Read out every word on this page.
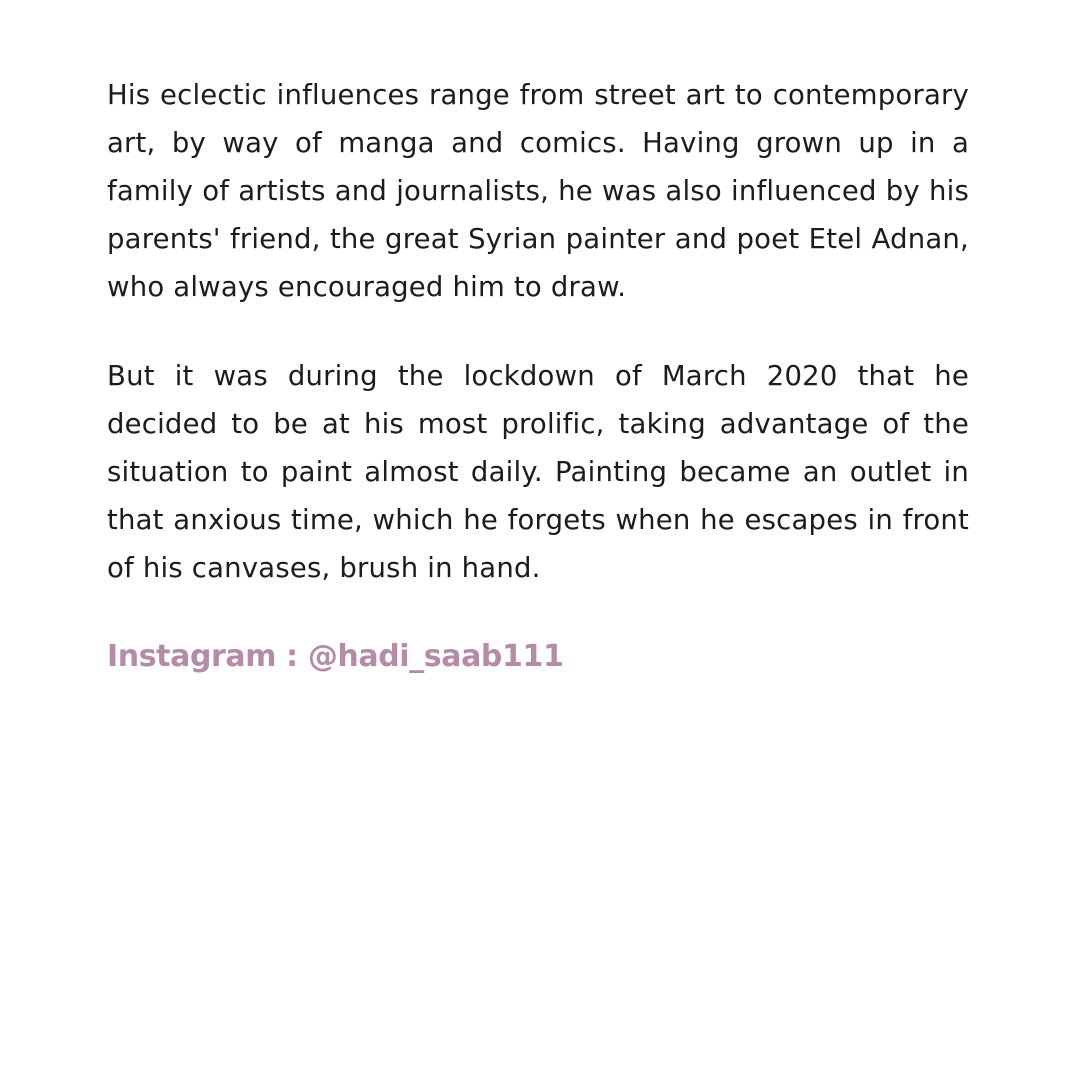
His eclectic influences range from street art to contemporary art, by way of manga and comics. Having grown up in a family of artists and journalists, he was also influenced by his parents' friend, the great Syrian painter and poet Etel Adnan, who always encouraged him to draw.

But it was during the lockdown of March 2020 that he decided to be at his most prolific, taking advantage of the situation to paint almost daily. Painting became an outlet in that anxious time, which he forgets when he escapes in front of his canvases, brush in hand.

Instagram : @hadi_saab111
